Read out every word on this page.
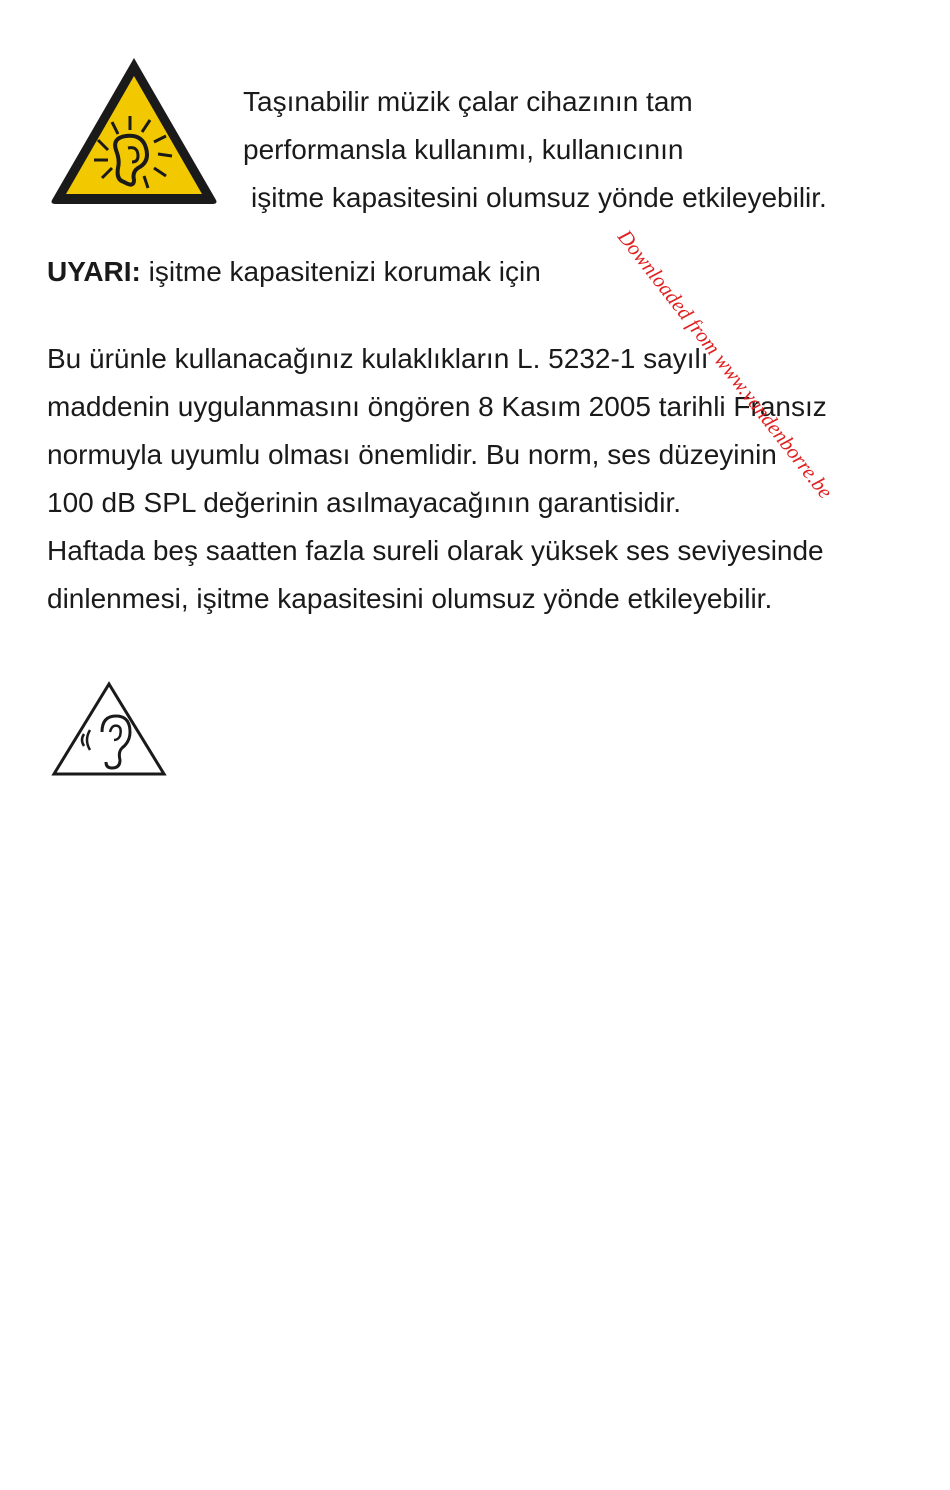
Taşınabilir müzik çalar cihazının tam
performansla kullanımı, kullanıcının
işitme kapasitesini olumsuz yönde etkileyebilir.
UYARI: işitme kapasitenizi korumak için
Bu ürünle kullanacağınız kulaklıkların L. 5232-1 sayılı
maddenin uygulanmasını öngören 8 Kasım 2005 tarihli Fransız
normuyla uyumlu olması önemlidir. Bu norm, ses düzeyinin
100 dB SPL değerinin asılmayacağının garantisidir.
Haftada beş saatten fazla sureli olarak yüksek ses seviyesinde
dinlenmesi, işitme kapasitesini olumsuz yönde etkileyebilir.
Downloaded from www.vandenborre.be
